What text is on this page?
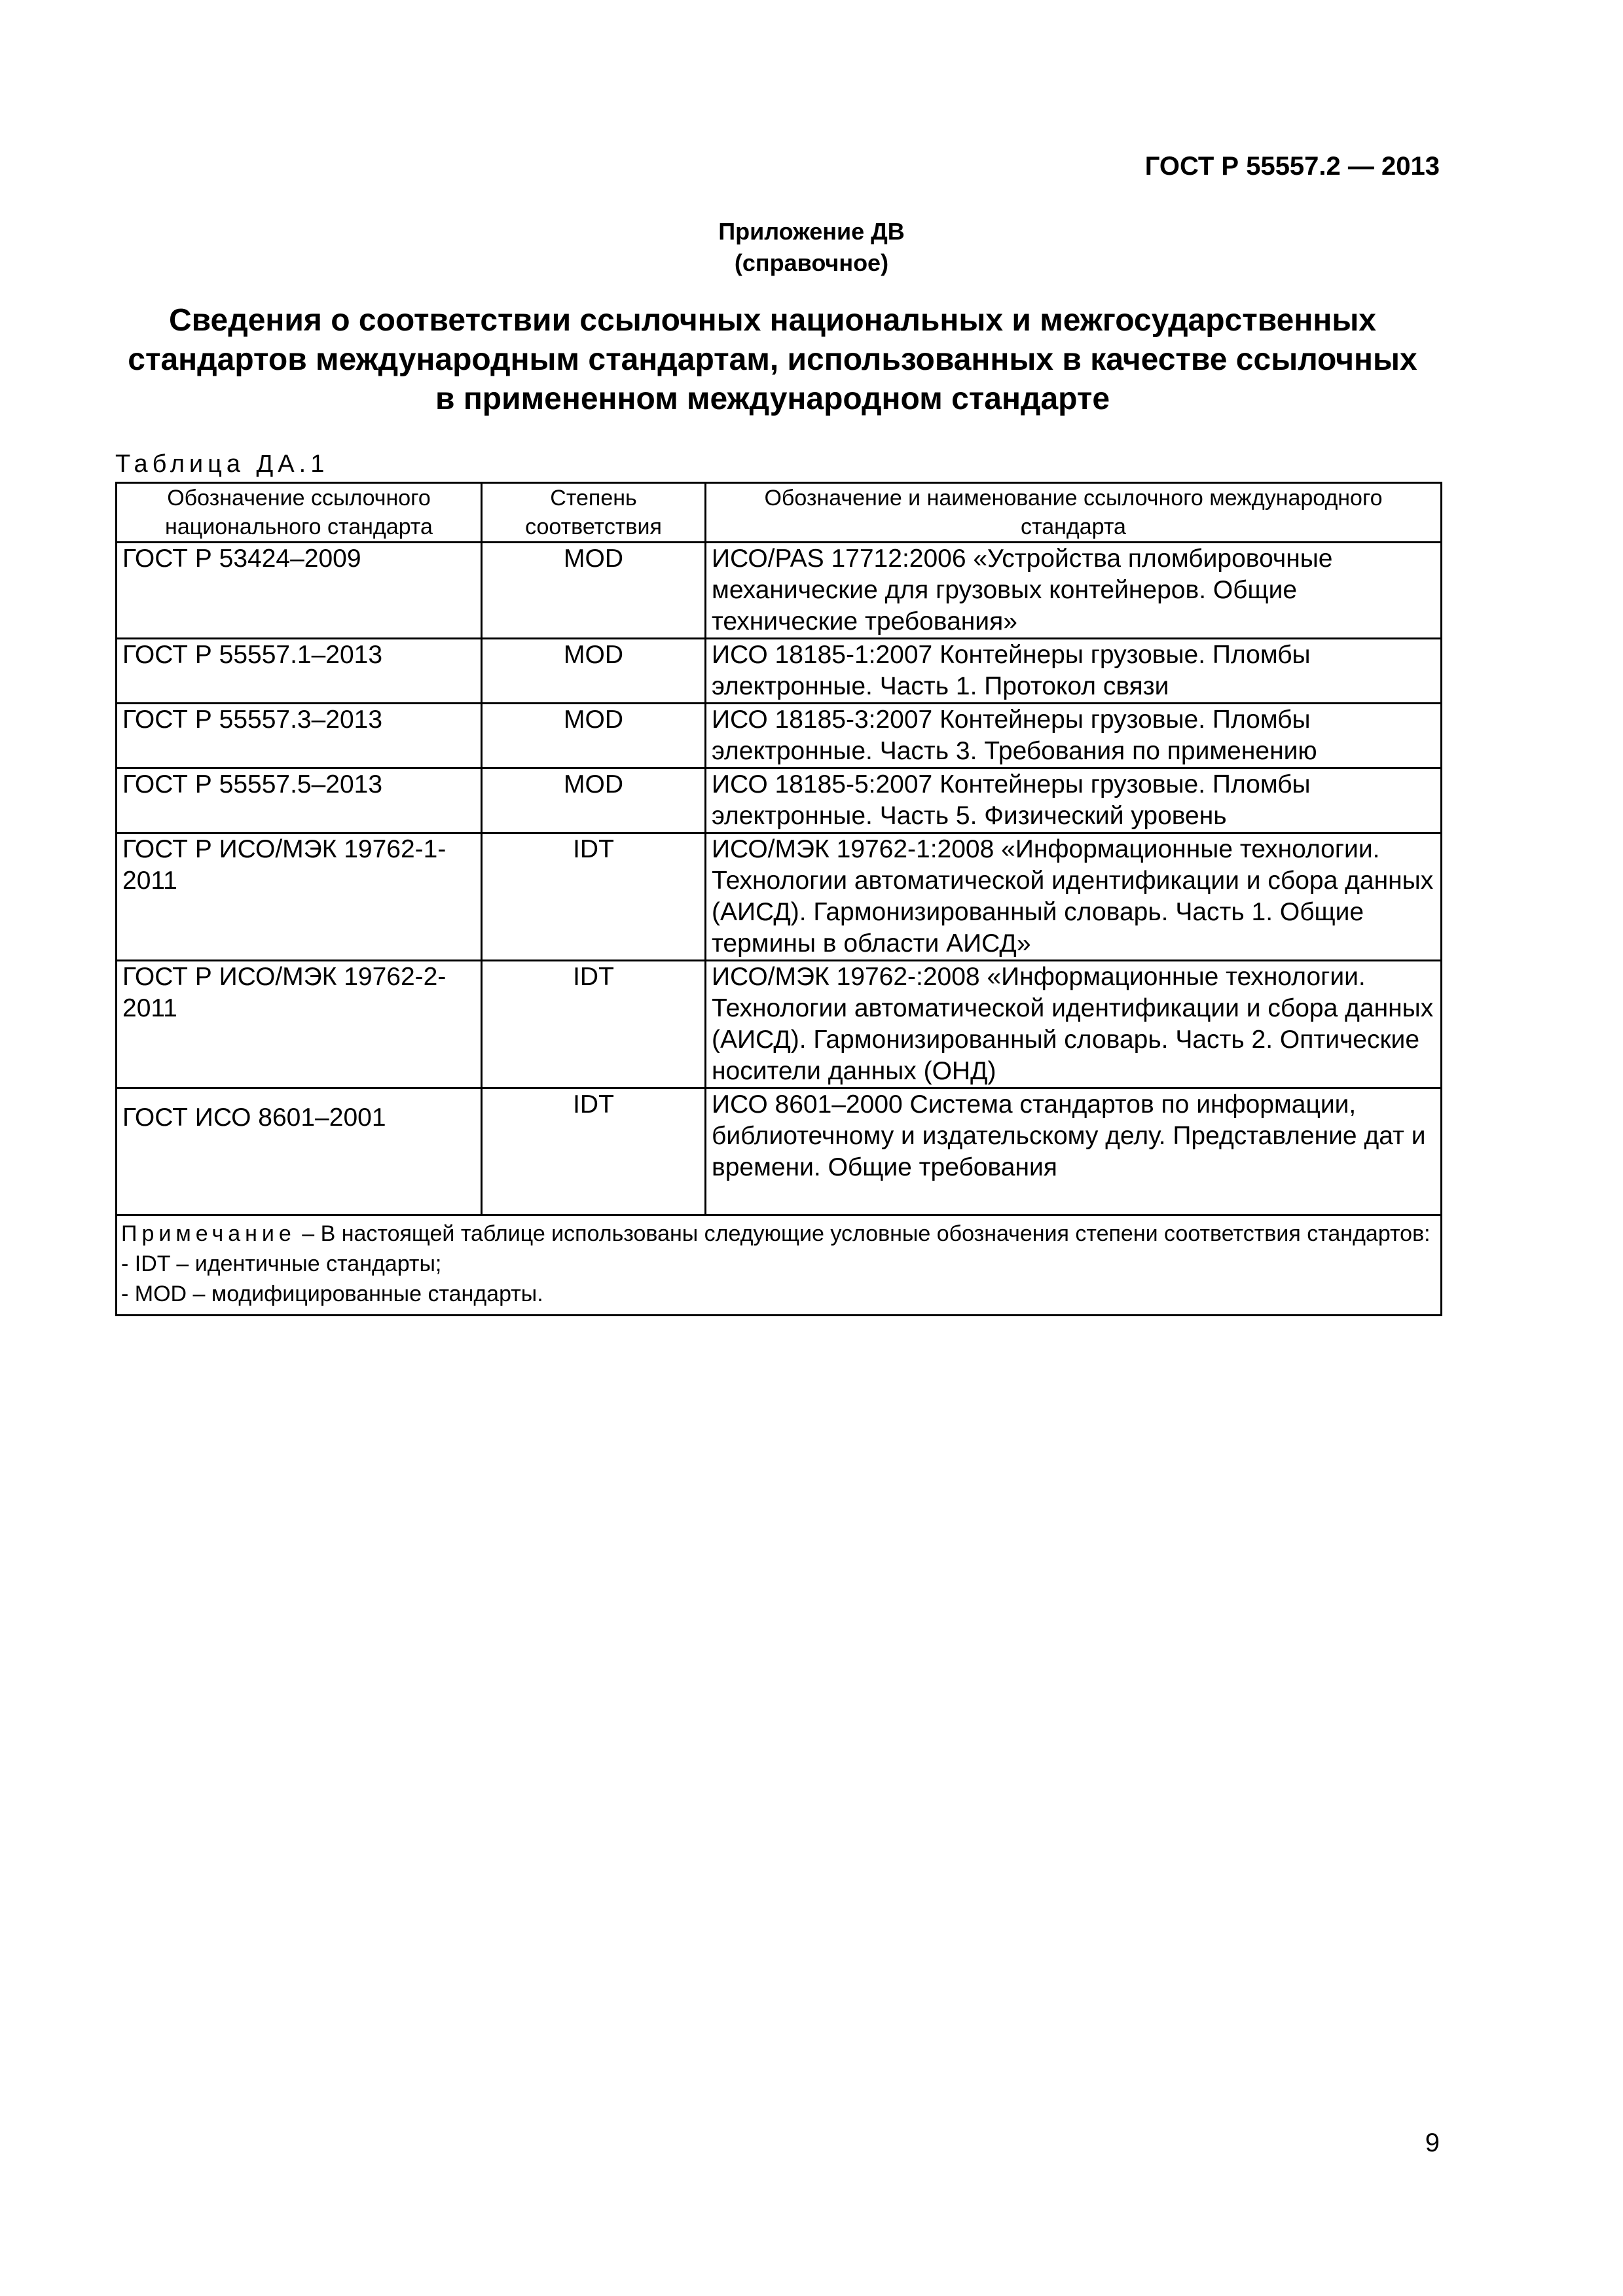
ГОСТ Р 55557.2 — 2013
Приложение ДВ
(справочное)
Сведения о соответствии ссылочных национальных и межгосударственных стандартов международным стандартам, использованных в качестве ссылочных в примененном международном стандарте
Таблица ДА.1
Обозначение ссылочного национального стандарта	Степень соответствия	Обозначение и наименование ссылочного международного стандарта
ГОСТ Р 53424–2009	MOD	ИСО/PAS 17712:2006 «Устройства пломбировочные механические для грузовых контейнеров. Общие технические требования»
ГОСТ Р 55557.1–2013	MOD	ИСО 18185-1:2007 Контейнеры грузовые. Пломбы электронные. Часть 1. Протокол связи
ГОСТ Р 55557.3–2013	MOD	ИСО 18185-3:2007 Контейнеры грузовые. Пломбы электронные. Часть 3. Требования по применению
ГОСТ Р 55557.5–2013	MOD	ИСО 18185-5:2007 Контейнеры грузовые. Пломбы электронные. Часть 5. Физический уровень
ГОСТ Р ИСО/МЭК 19762-1-2011	IDT	ИСО/МЭК 19762-1:2008 «Информационные технологии. Технологии автоматической идентификации и сбора данных (АИСД). Гармонизированный словарь. Часть 1. Общие термины в области АИСД»
ГОСТ Р ИСО/МЭК 19762-2-2011	IDT	ИСО/МЭК 19762-:2008 «Информационные технологии. Технологии автоматической идентификации и сбора данных (АИСД). Гармонизированный словарь. Часть 2. Оптические носители данных (ОНД)
ГОСТ ИСО 8601–2001	IDT	ИСО 8601–2000 Система стандартов по информации, библиотечному и издательскому делу. Представление дат и времени. Общие требования
Примечание – В настоящей таблице использованы следующие условные обозначения степени соответствия стандартов:
- IDT – идентичные стандарты;
- MOD – модифицированные стандарты.		
9
